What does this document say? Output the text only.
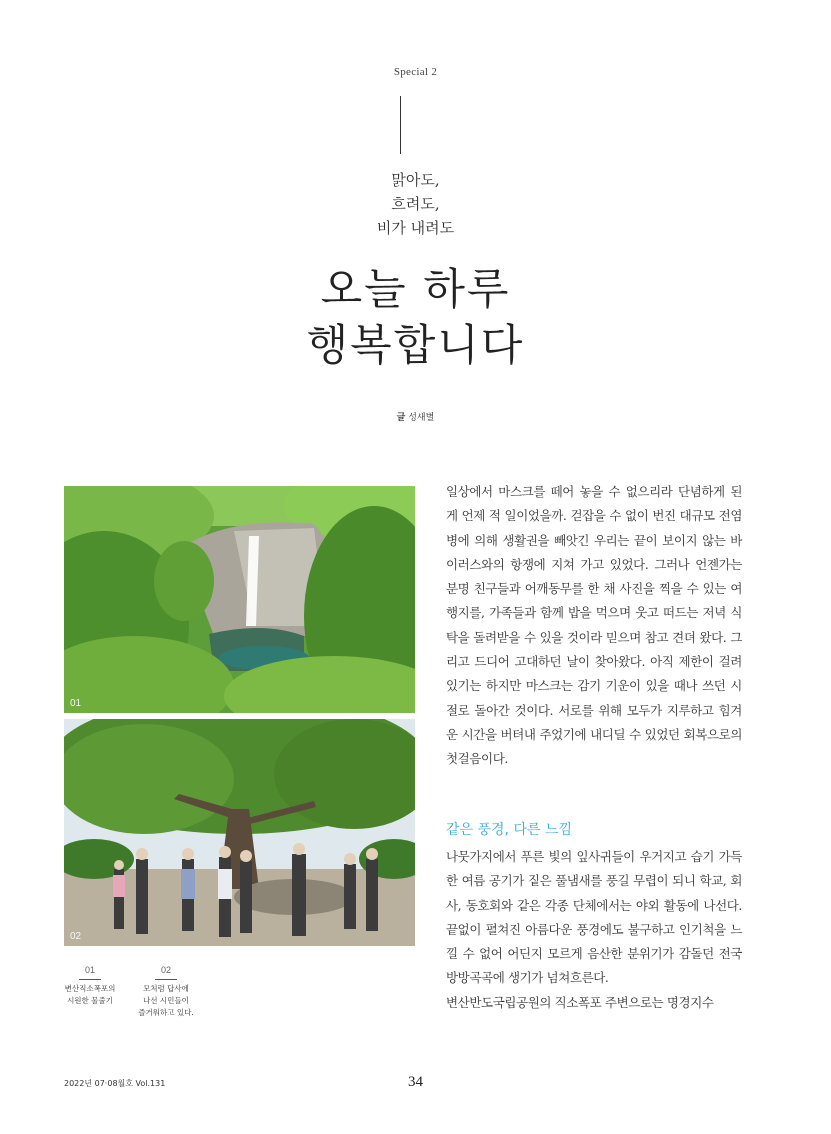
Special 2
맑아도,
흐려도,
비가 내려도
오늘 하루
행복합니다
글 성새별
01
02
01
변산직소폭포의
시원한 물줄기
02
모처럼 답사에
나선 시민들이
즐거워하고 있다.
일상에서 마스크를 떼어 놓을 수 없으리라 단념하게 된 게 언제 적 일이었을까. 걷잡을 수 없이 번진 대규모 전염병에 의해 생활권을 빼앗긴 우리는 끝이 보이지 않는 바이러스와의 항쟁에 지쳐 가고 있었다. 그러나 언젠가는 분명 친구들과 어깨동무를 한 채 사진을 찍을 수 있는 여행지를, 가족들과 함께 밥을 먹으며 웃고 떠드는 저녁 식탁을 돌려받을 수 있을 것이라 믿으며 참고 견뎌 왔다. 그리고 드디어 고대하던 날이 찾아왔다. 아직 제한이 걸려 있기는 하지만 마스크는 감기 기운이 있을 때나 쓰던 시절로 돌아간 것이다. 서로를 위해 모두가 지루하고 힘겨운 시간을 버텨내 주었기에 내디딜 수 있었던 회복으로의 첫걸음이다.
같은 풍경, 다른 느낌
나뭇가지에서 푸른 빛의 잎사귀들이 우거지고 습기 가득한 여름 공기가 짙은 풀냄새를 풍길 무렵이 되니 학교, 회사, 동호회와 같은 각종 단체에서는 야외 활동에 나선다. 끝없이 펼쳐진 아름다운 풍경에도 불구하고 인기척을 느낄 수 없어 어딘지 모르게 음산한 분위기가 감돌던 전국 방방곡곡에 생기가 넘쳐흐른다.
변산반도국립공원의 직소폭포 주변으로는 명경지수
2022년 07·08월호 Vol.131	34
